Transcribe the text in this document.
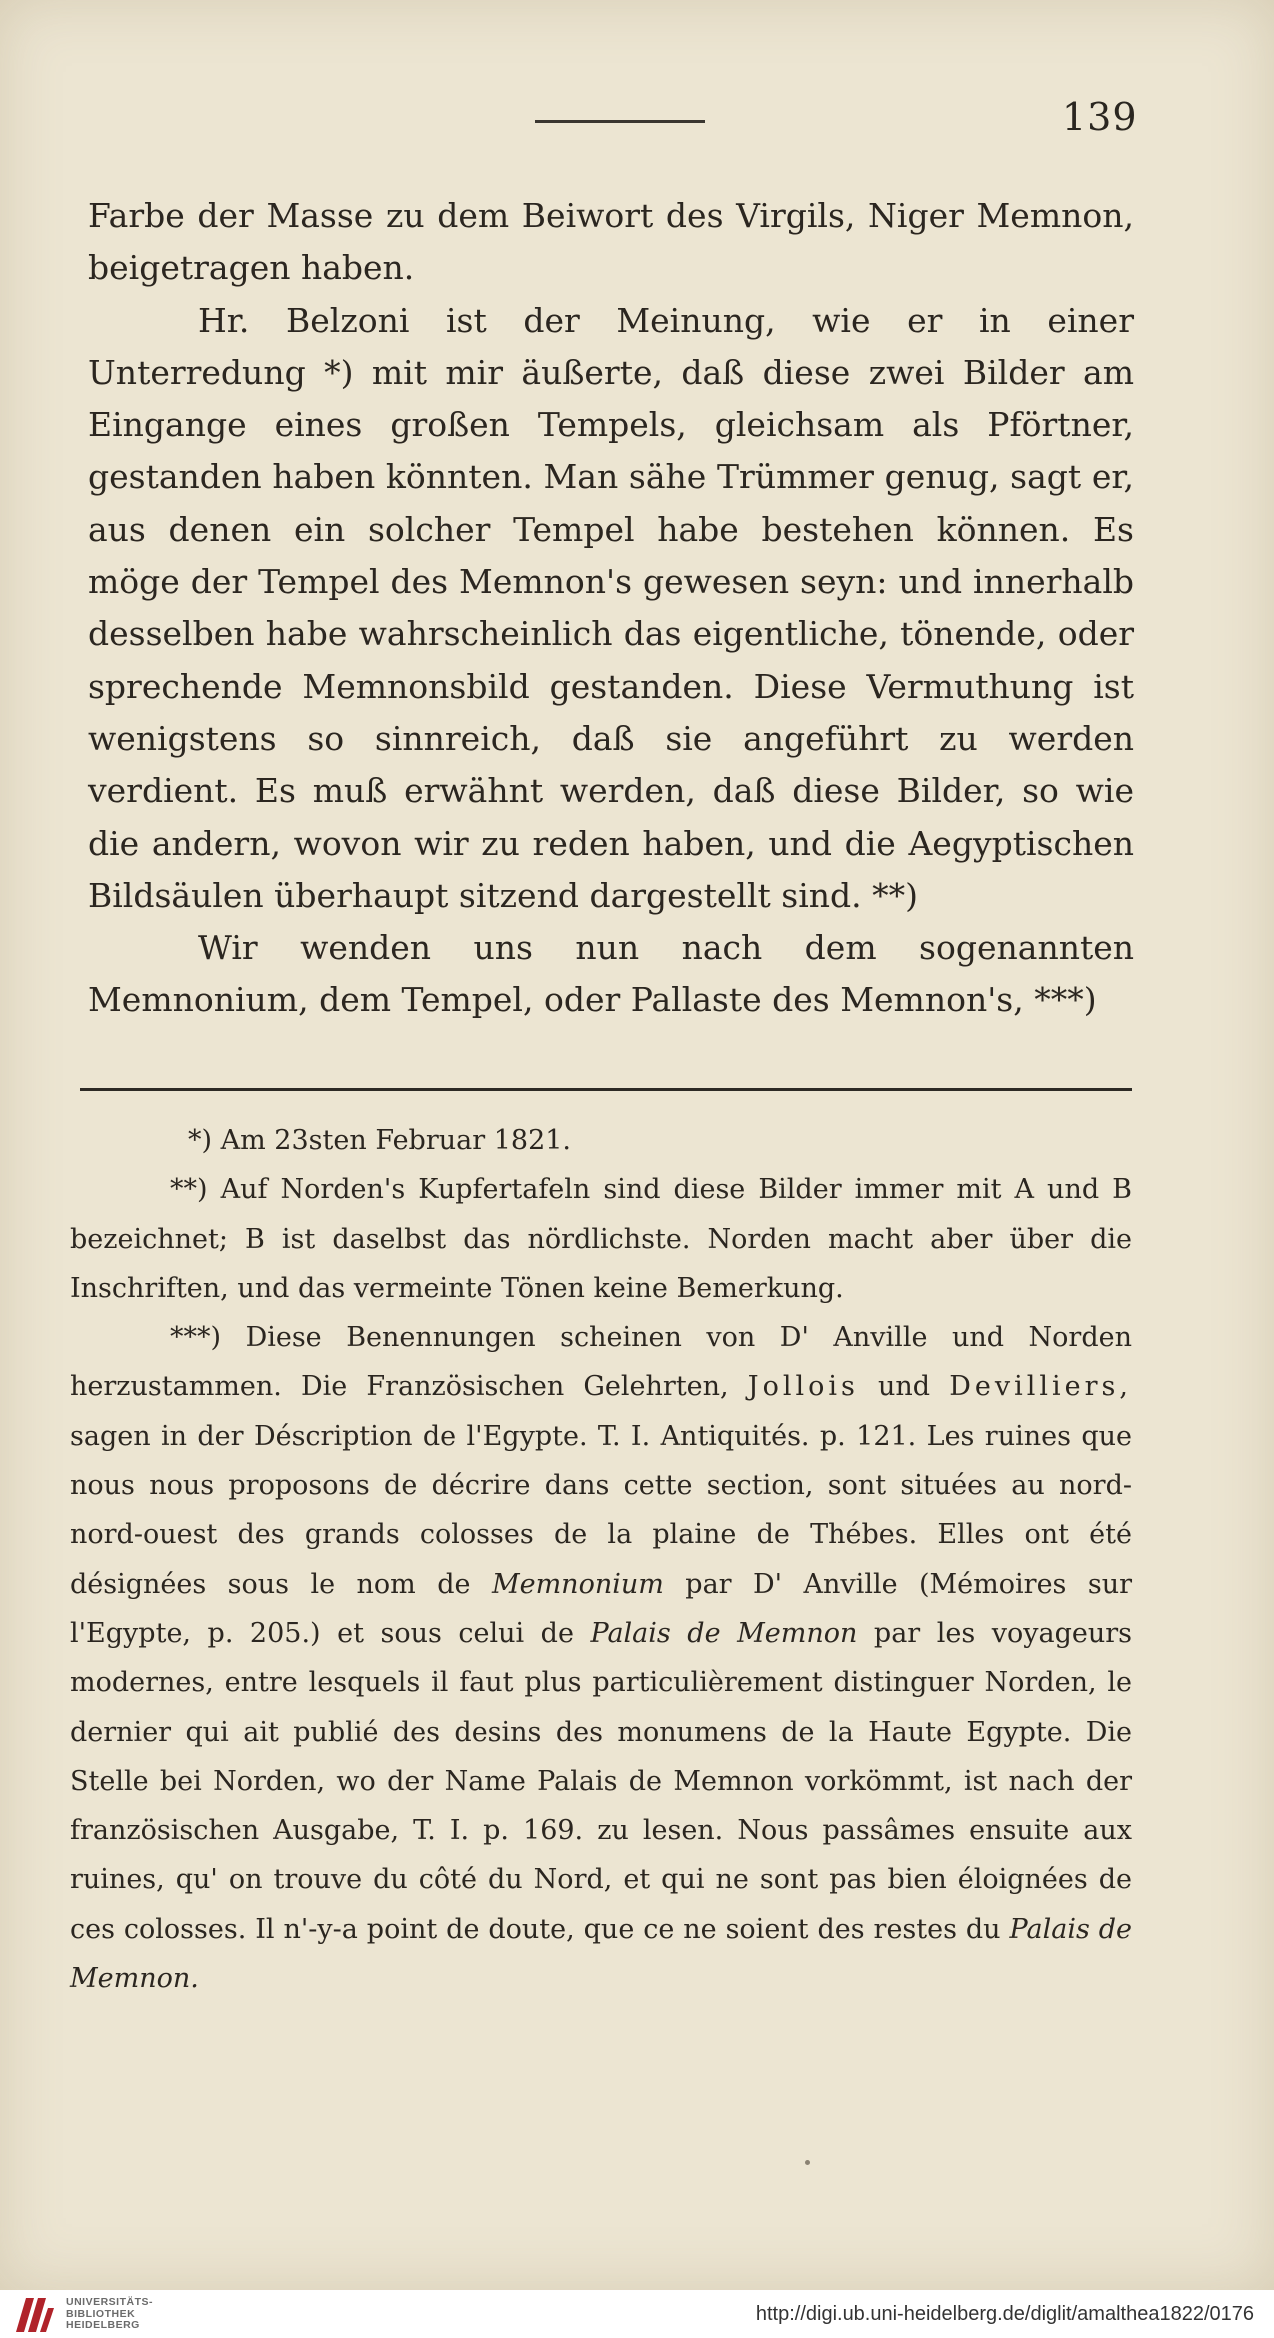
139

Farbe der Masse zu dem Beiwort des Virgils, Niger Memnon, beigetragen haben.

Hr. Belzoni ist der Meinung, wie er in einer Unterredung *) mit mir äußerte, daß diese zwei Bilder am Eingange eines großen Tempels, gleichsam als Pförtner, gestanden haben könnten. Man sähe Trümmer genug, sagt er, aus denen ein solcher Tempel habe bestehen können. Es möge der Tempel des Memnon's gewesen seyn: und innerhalb desselben habe wahrscheinlich das eigentliche, tönende, oder sprechende Memnonsbild gestanden. Diese Vermuthung ist wenigstens so sinnreich, daß sie angeführt zu werden verdient. Es muß erwähnt werden, daß diese Bilder, so wie die andern, wovon wir zu reden haben, und die Aegyptischen Bildsäulen überhaupt sitzend dargestellt sind. **)

Wir wenden uns nun nach dem sogenannten Memnonium, dem Tempel, oder Pallaste des Memnon's, ***)

*) Am 23sten Februar 1821.

**) Auf Norden's Kupfertafeln sind diese Bilder immer mit A und B bezeichnet; B ist daselbst das nördlichste. Norden macht aber über die Inschriften, und das vermeinte Tönen keine Bemerkung.

***) Diese Benennungen scheinen von D' Anville und Norden herzustammen. Die Französischen Gelehrten, Jollois und Devilliers, sagen in der Déscription de l'Egypte. T. I. Antiquités. p. 121. Les ruines que nous nous proposons de décrire dans cette section, sont situées au nord-nord-ouest des grands colosses de la plaine de Thébes. Elles ont été désignées sous le nom de Memnonium par D' Anville (Mémoires sur l'Egypte, p. 205.) et sous celui de Palais de Memnon par les voyageurs modernes, entre lesquels il faut plus particulièrement distinguer Norden, le dernier qui ait publié des desins des monumens de la Haute Egypte. Die Stelle bei Norden, wo der Name Palais de Memnon vorkömmt, ist nach der französischen Ausgabe, T. I. p. 169. zu lesen. Nous passâmes ensuite aux ruines, qu' on trouve du côté du Nord, et qui ne sont pas bien éloignées de ces colosses. Il n'-y-a point de doute, que ce ne soient des restes du Palais de Memnon.

UNIVERSITÄTS-
BIBLIOTHEK
HEIDELBERG	http://digi.ub.uni-heidelberg.de/diglit/amalthea1822/0176
